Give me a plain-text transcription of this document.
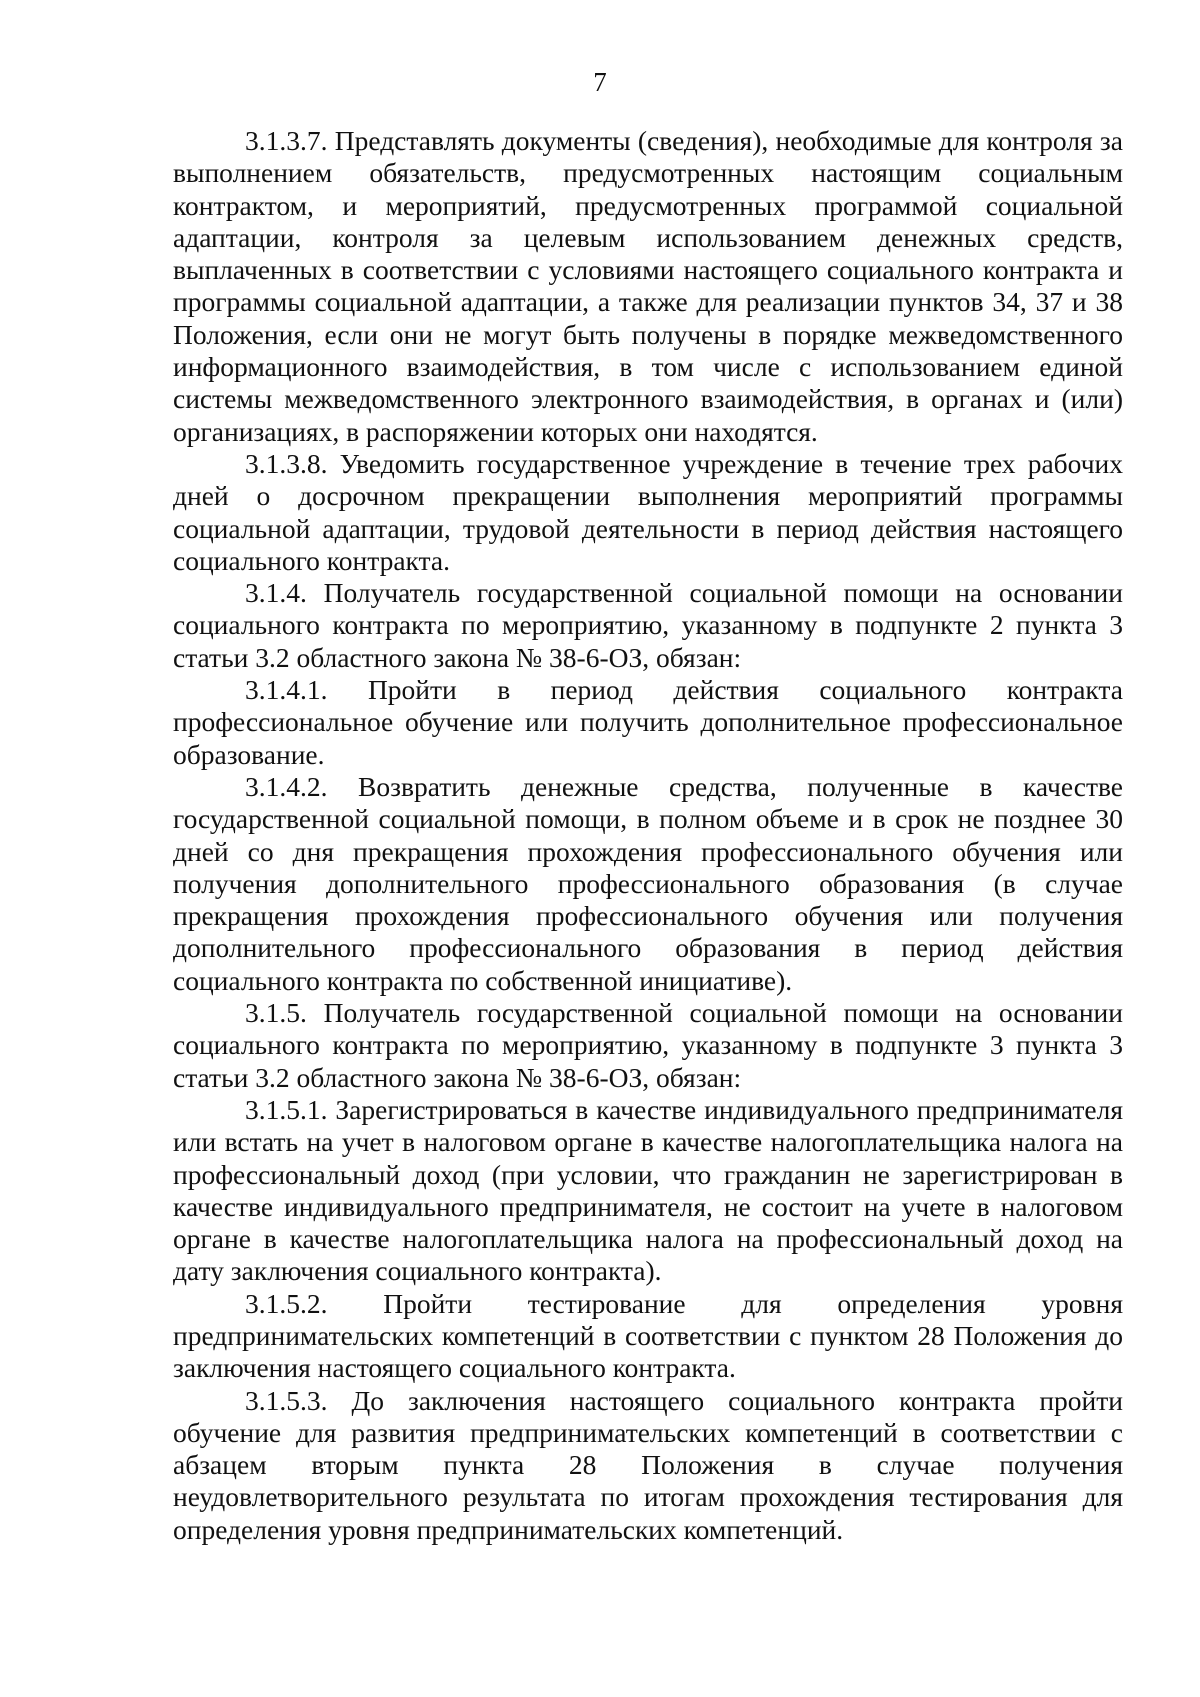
7

3.1.3.7. Представлять документы (сведения), необходимые для контроля за выполнением обязательств, предусмотренных настоящим социальным контрактом, и мероприятий, предусмотренных программой социальной адаптации, контроля за целевым использованием денежных средств, выплаченных в соответствии с условиями настоящего социального контракта и программы социальной адаптации, а также для реализации пунктов 34, 37 и 38 Положения, если они не могут быть получены в порядке межведомственного информационного взаимодействия, в том числе с использованием единой системы межведомственного электронного взаимодействия, в органах и (или) организациях, в распоряжении которых они находятся.

3.1.3.8. Уведомить государственное учреждение в течение трех рабочих дней о досрочном прекращении выполнения мероприятий программы социальной адаптации, трудовой деятельности в период действия настоящего социального контракта.

3.1.4. Получатель государственной социальной помощи на основании социального контракта по мероприятию, указанному в подпункте 2 пункта 3 статьи 3.2 областного закона № 38-6-ОЗ, обязан:

3.1.4.1. Пройти в период действия социального контракта профессиональное обучение или получить дополнительное профессиональное образование.

3.1.4.2. Возвратить денежные средства, полученные в качестве государственной социальной помощи, в полном объеме и в срок не позднее 30 дней со дня прекращения прохождения профессионального обучения или получения дополнительного профессионального образования (в случае прекращения прохождения профессионального обучения или получения дополнительного профессионального образования в период действия социального контракта по собственной инициативе).

3.1.5. Получатель государственной социальной помощи на основании социального контракта по мероприятию, указанному в подпункте 3 пункта 3 статьи 3.2 областного закона № 38-6-ОЗ, обязан:

3.1.5.1. Зарегистрироваться в качестве индивидуального предпринимателя или встать на учет в налоговом органе в качестве налогоплательщика налога на профессиональный доход (при условии, что гражданин не зарегистрирован в качестве индивидуального предпринимателя, не состоит на учете в налоговом органе в качестве налогоплательщика налога на профессиональный доход на дату заключения социального контракта).

3.1.5.2. Пройти тестирование для определения уровня предпринимательских компетенций в соответствии с пунктом 28 Положения до заключения настоящего социального контракта.

3.1.5.3. До заключения настоящего социального контракта пройти обучение для развития предпринимательских компетенций в соответствии с абзацем вторым пункта 28 Положения в случае получения неудовлетворительного результата по итогам прохождения тестирования для определения уровня предпринимательских компетенций.
